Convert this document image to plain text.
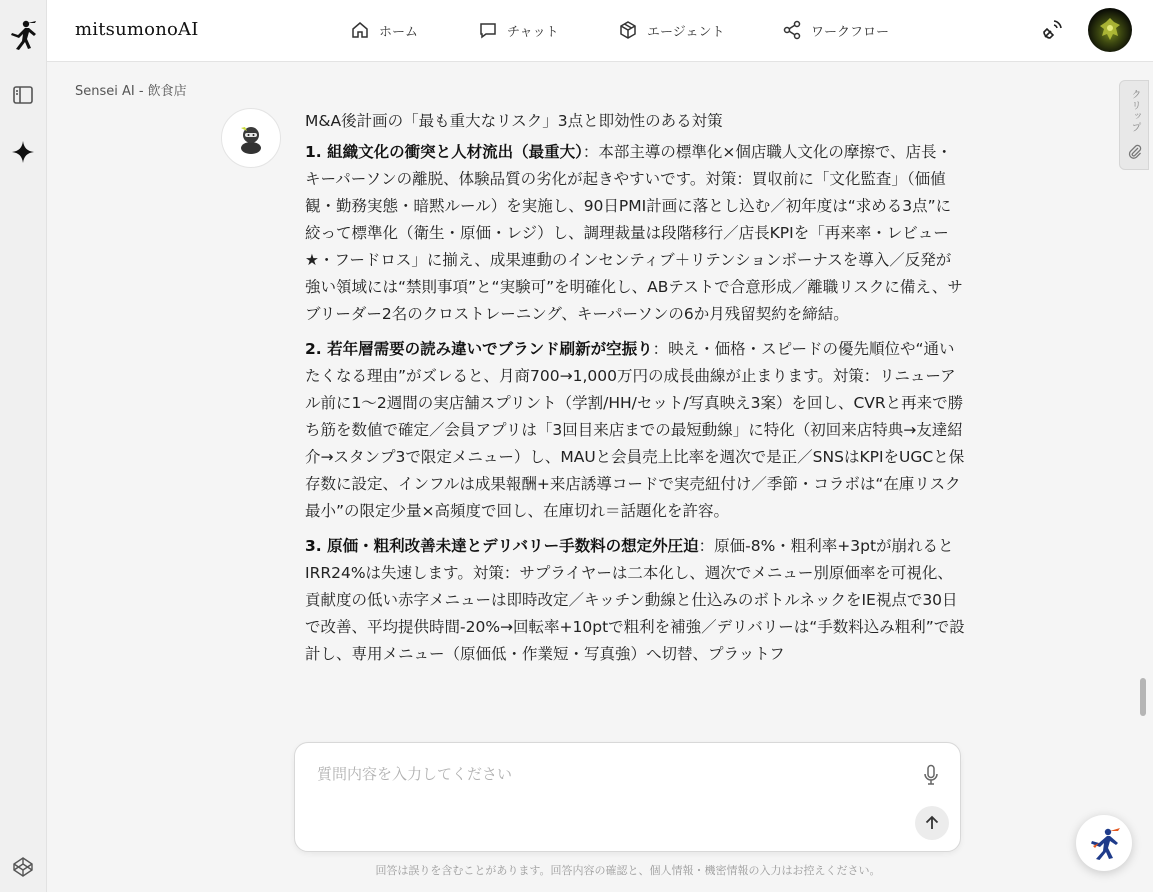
mitsumonoAI	ホーム	チャット	エージェント	ワークフロー
Sensei AI - 飲食店

M&A後計画の「最も重大なリスク」3点と即効性のある対策

1. 組織文化の衝突と人材流出（最重大）：本部主導の標準化×個店職人文化の摩擦で、店長・キーパーソンの離脱、体験品質の劣化が起きやすいです。対策：買収前に「文化監査」（価値観・勤務実態・暗黙ルール）を実施し、90日PMI計画に落とし込む／初年度は“求める3点”に絞って標準化（衛生・原価・レジ）し、調理裁量は段階移行／店長KPIを「再来率・レビュー★・フードロス」に揃え、成果連動のインセンティブ＋リテンションボーナスを導入／反発が強い領域には“禁則事項”と“実験可”を明確化し、ABテストで合意形成／離職リスクに備え、サブリーダー2名のクロストレーニング、キーパーソンの6か月残留契約を締結。

2. 若年層需要の読み違いでブランド刷新が空振り：映え・価格・スピードの優先順位や“通いたくなる理由”がズレると、月商700→1,000万円の成長曲線が止まります。対策：リニューアル前に1〜2週間の実店舗スプリント（学割/HH/セット/写真映え3案）を回し、CVRと再来で勝ち筋を数値で確定／会員アプリは「3回目来店までの最短動線」に特化（初回来店特典→友達紹介→スタンプ3で限定メニュー）し、MAUと会員売上比率を週次で是正／SNSはKPIをUGCと保存数に設定、インフルは成果報酬+来店誘導コードで実売紐付け／季節・コラボは“在庫リスク最小”の限定少量×高頻度で回し、在庫切れ＝話題化を許容。

3. 原価・粗利改善未達とデリバリー手数料の想定外圧迫：原価-8%・粗利率+3ptが崩れるとIRR24%は失速します。対策：サプライヤーは二本化し、週次でメニュー別原価率を可視化、貢献度の低い赤字メニューは即時改定／キッチン動線と仕込みのボトルネックをIE視点で30日で改善、平均提供時間-20%→回転率+10ptで粗利を補強／デリバリーは“手数料込み粗利”で設計し、専用メニュー（原価低・作業短・写真強）へ切替、プラットフ

クリップ
質問内容を入力してください
回答は誤りを含むことがあります。回答内容の確認と、個人情報・機密情報の入力はお控えください。
